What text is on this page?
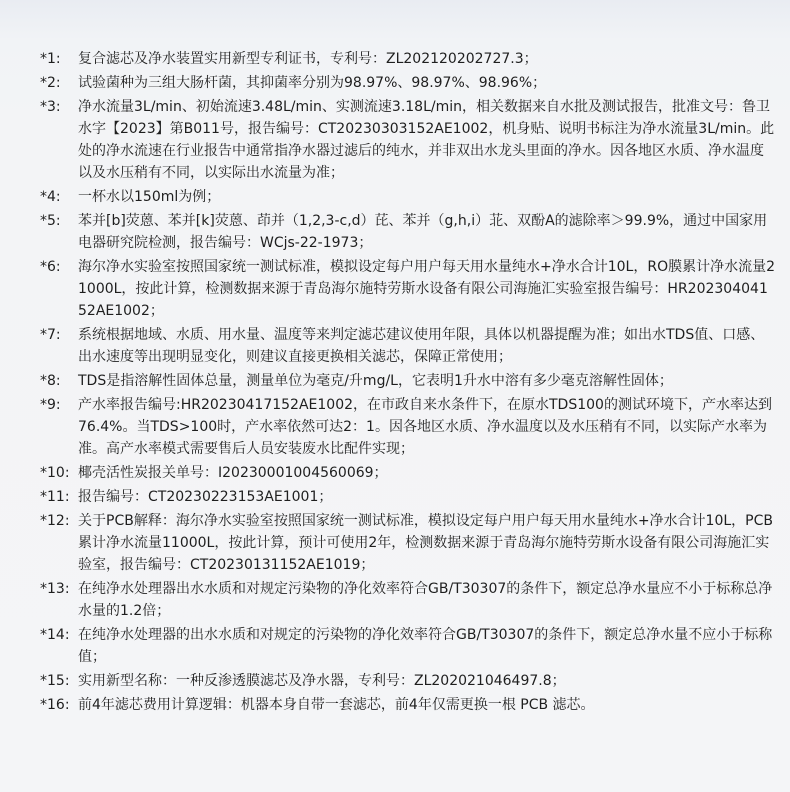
*1:	复合滤芯及净水装置实用新型专利证书，专利号：ZL202120202727.3；
*2:	试验菌种为三组大肠杆菌，其抑菌率分别为98.97%、98.97%、98.96%；
*3:	净水流量3L/min、初始流速3.48L/min、实测流速3.18L/min，相关数据来自水批及测试报告，批准文号：鲁卫水字【2023】第B011号，报告编号：CT20230303152AE1002，机身贴、说明书标注为净水流量3L/min。此处的净水流速在行业报告中通常指净水器过滤后的纯水，并非双出水龙头里面的净水。因各地区水质、净水温度以及水压稍有不同，以实际出水流量为准；
*4:	一杯水以150ml为例；
*5:	苯并[b]荧蒽、苯并[k]荧蒽、茚并（1,2,3-c,d）芘、苯并（g,h,i）苝、双酚A的滤除率＞99.9%，通过中国家用电器研究院检测，报告编号：WCjs-22-1973；
*6:	海尔净水实验室按照国家统一测试标准，模拟设定每户用户每天用水量纯水+净水合计10L，RO膜累计净水流量21000L，按此计算，检测数据来源于青岛海尔施特劳斯水设备有限公司海施汇实验室报告编号：HR20230404152AE1002；
*7:	系统根据地域、水质、用水量、温度等来判定滤芯建议使用年限，具体以机器提醒为准；如出水TDS值、口感、出水速度等出现明显变化，则建议直接更换相关滤芯，保障正常使用；
*8:	TDS是指溶解性固体总量，测量单位为毫克/升mg/L，它表明1升水中溶有多少毫克溶解性固体；
*9:	产水率报告编号:HR20230417152AE1002，在市政自来水条件下，在原水TDS100的测试环境下，产水率达到76.4%。当TDS>100时，产水率依然可达2：1。因各地区水质、净水温度以及水压稍有不同，以实际产水率为准。高产水率模式需要售后人员安装废水比配件实现；
*10: 椰壳活性炭报关单号：I20230001004560069；
*11: 报告编号：CT20230223153AE1001；
*12: 关于PCB解释：海尔净水实验室按照国家统一测试标准，模拟设定每户用户每天用水量纯水+净水合计10L，PCB累计净水流量11000L，按此计算，预计可使用2年，检测数据来源于青岛海尔施特劳斯水设备有限公司海施汇实验室，报告编号：CT20230131152AE1019；
*13: 在纯净水处理器出水水质和对规定污染物的净化效率符合GB/T30307的条件下，额定总净水量应不小于标称总净水量的1.2倍；
*14: 在纯净水处理器的出水水质和对规定的污染物的净化效率符合GB/T30307的条件下，额定总净水量不应小于标称值；
*15: 实用新型名称：一种反渗透膜滤芯及净水器，专利号：ZL202021046497.8；
*16: 前4年滤芯费用计算逻辑：机器本身自带一套滤芯，前4年仅需更换一根 PCB 滤芯。
